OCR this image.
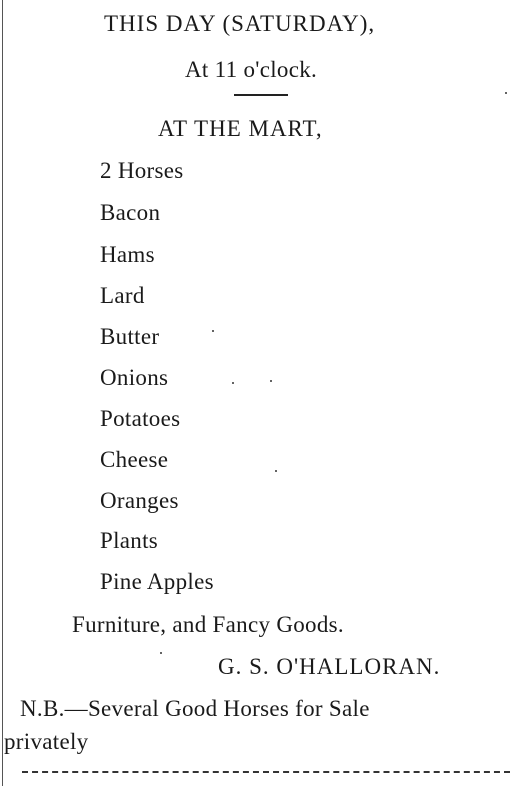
THIS DAY (SATURDAY),
At 11 o'clock.
AT THE MART,
2 Horses
Bacon
Hams
Lard
Butter
Onions
Potatoes
Cheese
Oranges
Plants
Pine Apples
Furniture, and Fancy Goods.
G. S. O'HALLORAN.
N.B.—Several Good Horses for Sale
privately
